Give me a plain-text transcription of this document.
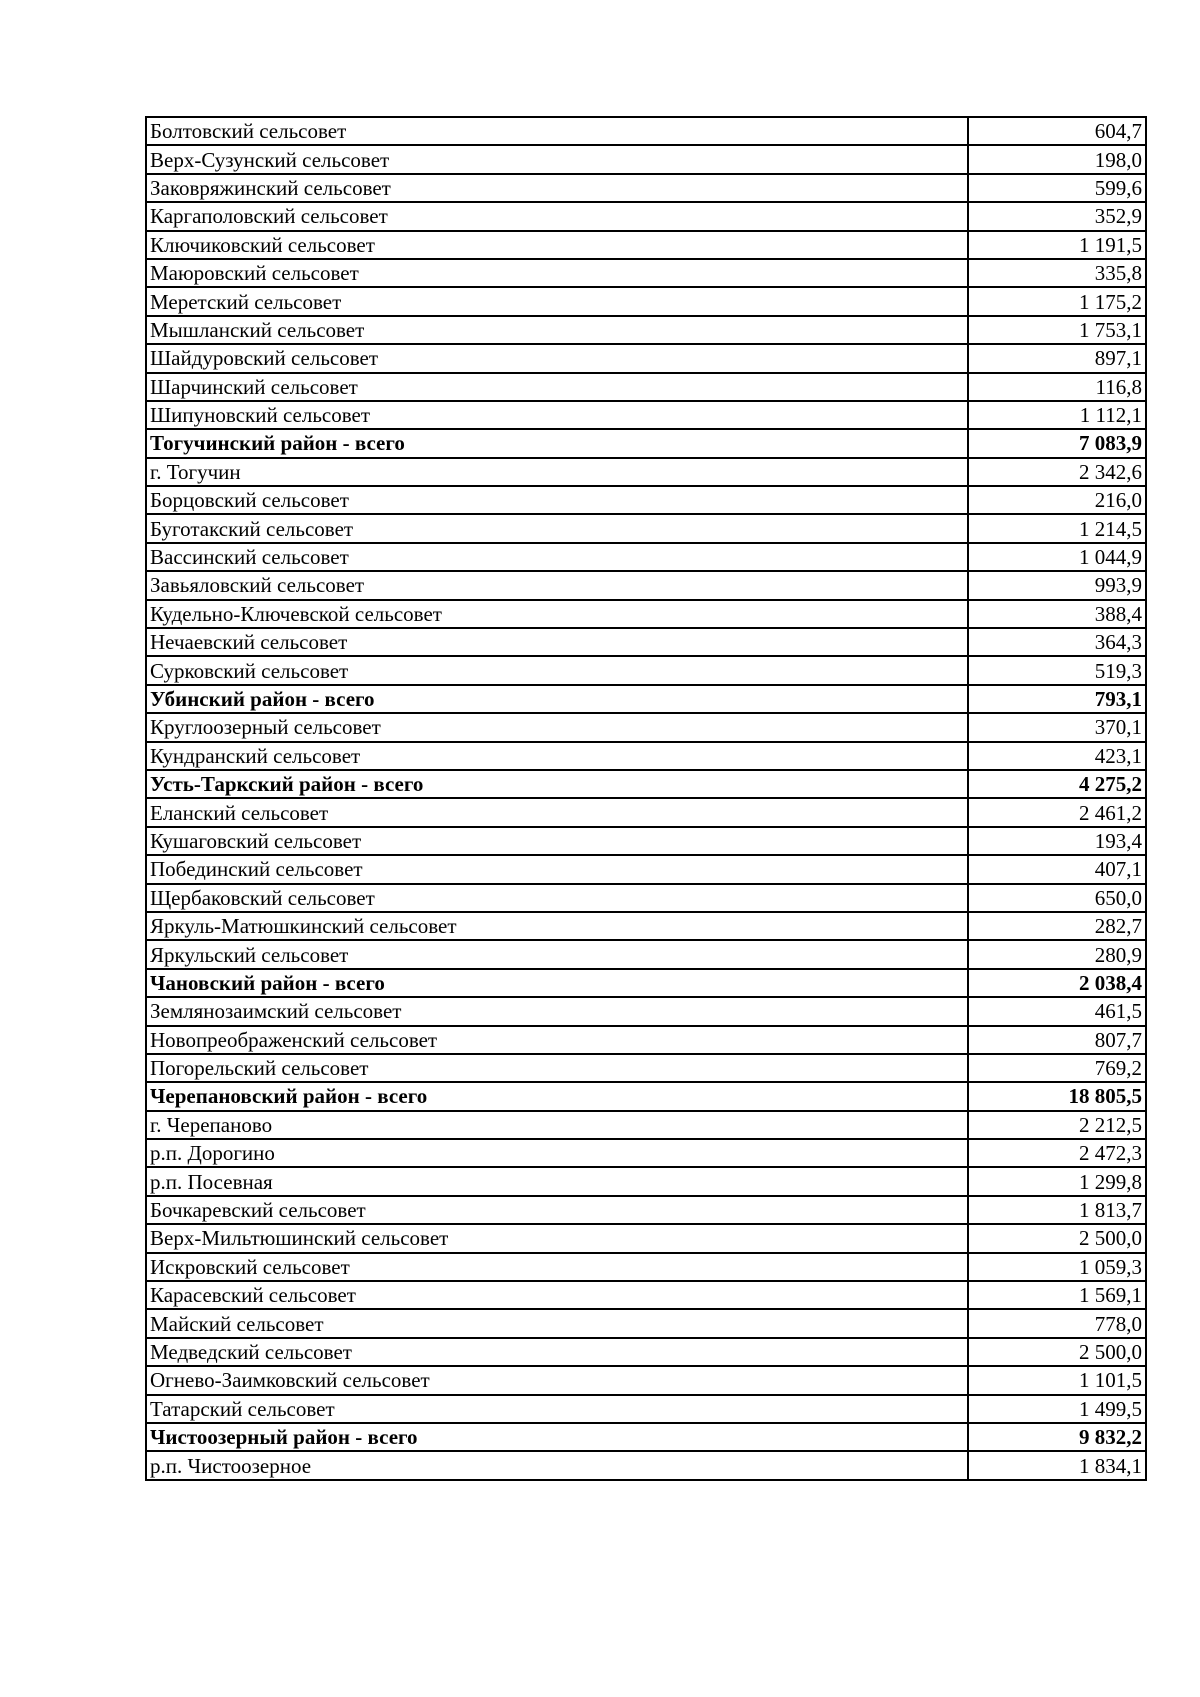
Болтовский сельсовет	604,7
Верх-Сузунский сельсовет	198,0
Заковряжинский сельсовет	599,6
Каргаполовский сельсовет	352,9
Ключиковский сельсовет	1 191,5
Маюровский сельсовет	335,8
Меретский сельсовет	1 175,2
Мышланский сельсовет	1 753,1
Шайдуровский сельсовет	897,1
Шарчинский сельсовет	116,8
Шипуновский сельсовет	1 112,1
Тогучинский район - всего	7 083,9
г. Тогучин	2 342,6
Борцовский сельсовет	216,0
Буготакский сельсовет	1 214,5
Вассинский сельсовет	1 044,9
Завьяловский сельсовет	993,9
Кудельно-Ключевской сельсовет	388,4
Нечаевский сельсовет	364,3
Сурковский сельсовет	519,3
Убинский район - всего	793,1
Круглоозерный сельсовет	370,1
Кундранский сельсовет	423,1
Усть-Таркский район - всего	4 275,2
Еланский сельсовет	2 461,2
Кушаговский сельсовет	193,4
Побединский сельсовет	407,1
Щербаковский сельсовет	650,0
Яркуль-Матюшкинский сельсовет	282,7
Яркульский сельсовет	280,9
Чановский район - всего	2 038,4
Землянозаимский сельсовет	461,5
Новопреображенский сельсовет	807,7
Погорельский сельсовет	769,2
Черепановский район - всего	18 805,5
г. Черепаново	2 212,5
р.п. Дорогино	2 472,3
р.п. Посевная	1 299,8
Бочкаревский сельсовет	1 813,7
Верх-Мильтюшинский сельсовет	2 500,0
Искровский сельсовет	1 059,3
Карасевский сельсовет	1 569,1
Майский сельсовет	778,0
Медведский сельсовет	2 500,0
Огнево-Заимковский сельсовет	1 101,5
Татарский сельсовет	1 499,5
Чистоозерный район - всего	9 832,2
р.п. Чистоозерное	1 834,1
